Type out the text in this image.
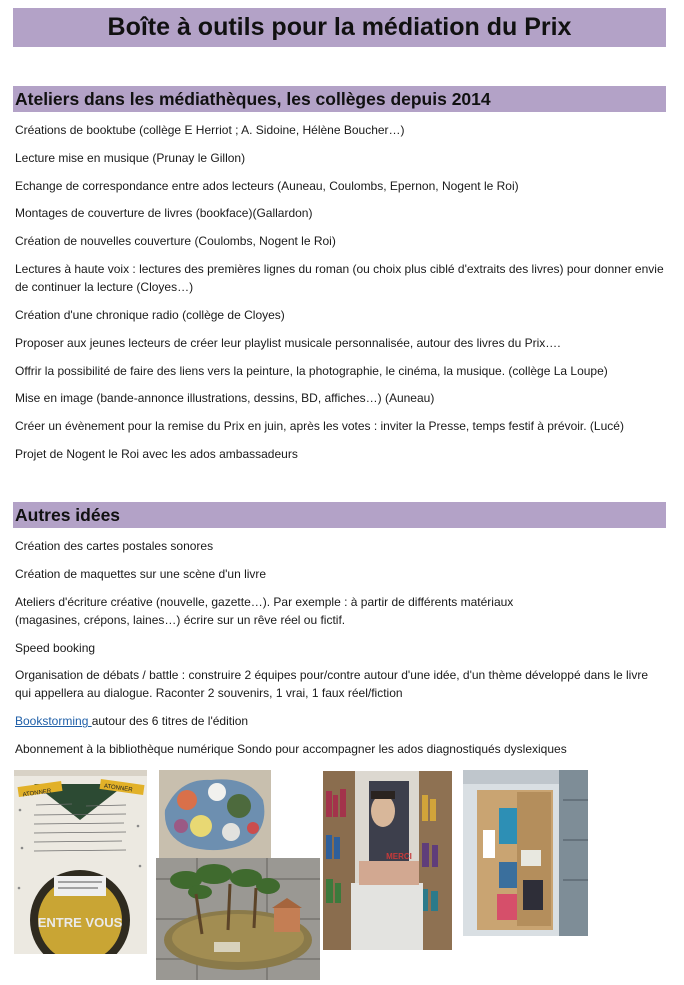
Boîte à outils pour la médiation du Prix
Ateliers dans les médiathèques, les collèges depuis 2014
Créations de booktube (collège E Herriot ; A. Sidoine, Hélène Boucher…)
Lecture mise en musique (Prunay le Gillon)
Echange de correspondance entre ados lecteurs (Auneau, Coulombs, Epernon, Nogent le Roi)
Montages de couverture de livres (bookface)(Gallardon)
Création de nouvelles couverture (Coulombs, Nogent le Roi)
Lectures à haute voix : lectures des premières lignes du roman (ou choix plus ciblé d'extraits des livres) pour donner envie de continuer la lecture (Cloyes…)
Création d'une chronique radio (collège de Cloyes)
Proposer aux jeunes lecteurs de créer leur playlist musicale personnalisée, autour des livres du Prix….
Offrir la possibilité de faire des liens vers la peinture, la photographie, le cinéma, la musique. (collège La Loupe)
Mise en image (bande-annonce illustrations, dessins, BD, affiches…) (Auneau)
Créer un évènement pour la remise du Prix en juin, après les votes : inviter la Presse, temps festif à prévoir. (Lucé)
Projet de Nogent le Roi avec les ados ambassadeurs
Autres idées
Création des cartes postales sonores
Création de maquettes sur une scène d'un livre
Ateliers d'écriture créative (nouvelle, gazette…). Par exemple : à partir de différents matériaux (magasines, crépons, laines…) écrire sur un rêve réel ou fictif.
Speed booking
Organisation de débats / battle : construire 2 équipes pour/contre autour d'une idée, d'un thème développé dans le livre qui appellera au dialogue. Raconter 2 souvenirs, 1 vrai, 1 faux réel/fiction
Bookstorming autour des 6 titres de l'édition
Abonnement à la bibliothèque numérique Sondo pour accompagner les ados diagnostiqués dyslexiques
ATONNER
ATONNER
ENTRE VOUS
MERCI
